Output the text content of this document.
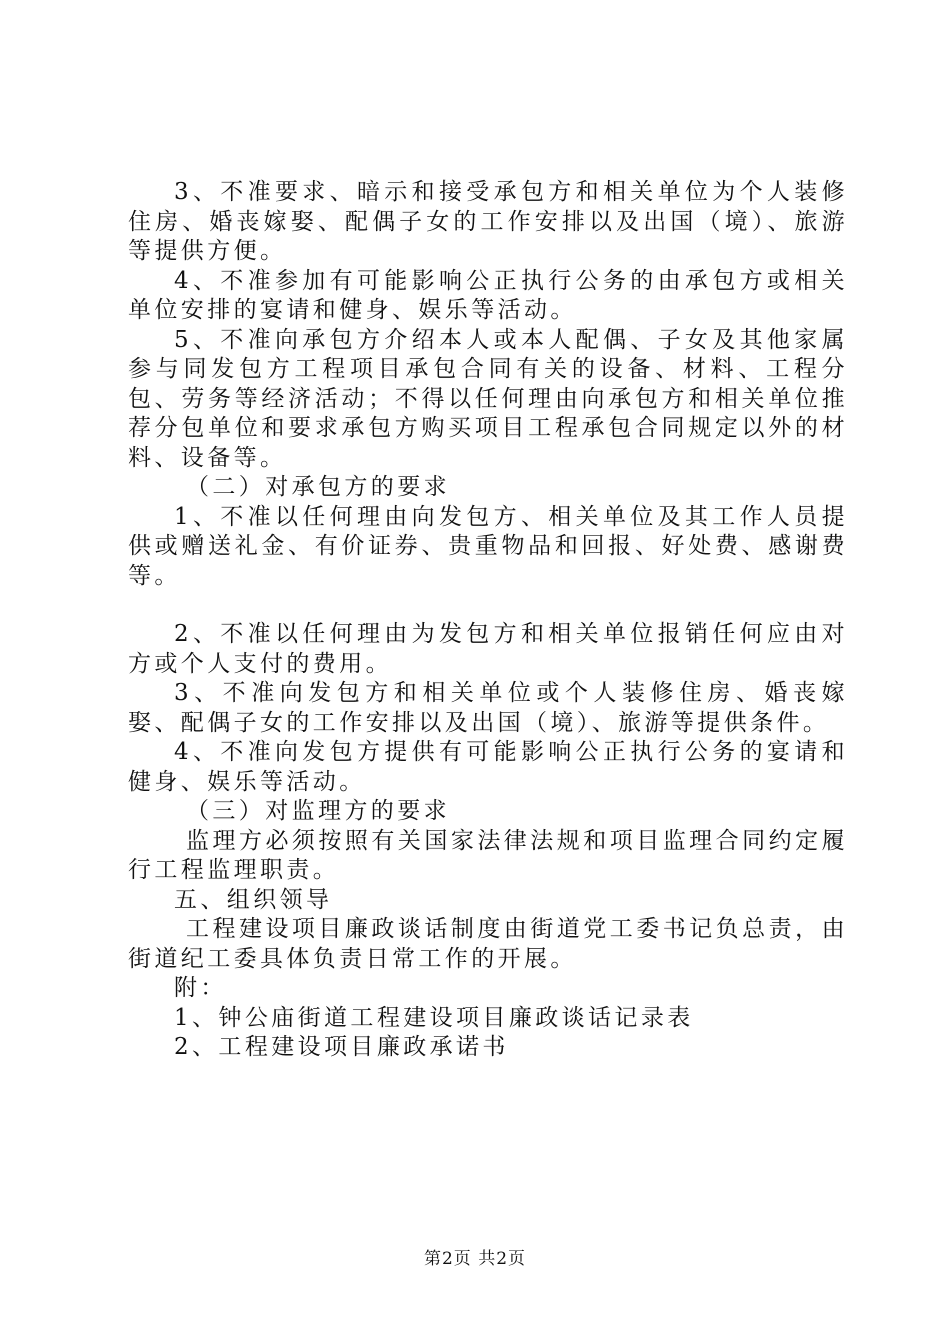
3、不准要求、暗示和接受承包方和相关单位为个人装修住房、婚丧嫁娶、配偶子女的工作安排以及出国（境）、旅游等提供方便。

4、不准参加有可能影响公正执行公务的由承包方或相关单位安排的宴请和健身、娱乐等活动。

5、不准向承包方介绍本人或本人配偶、子女及其他家属参与同发包方工程项目承包合同有关的设备、材料、工程分包、劳务等经济活动；不得以任何理由向承包方和相关单位推荐分包单位和要求承包方购买项目工程承包合同规定以外的材料、设备等。

（二）对承包方的要求

1、不准以任何理由向发包方、相关单位及其工作人员提供或赠送礼金、有价证券、贵重物品和回报、好处费、感谢费等。

2、不准以任何理由为发包方和相关单位报销任何应由对方或个人支付的费用。

3、不准向发包方和相关单位或个人装修住房、婚丧嫁娶、配偶子女的工作安排以及出国（境）、旅游等提供条件。

4、不准向发包方提供有可能影响公正执行公务的宴请和健身、娱乐等活动。

（三）对监理方的要求

监理方必须按照有关国家法律法规和项目监理合同约定履行工程监理职责。

五、组织领导

工程建设项目廉政谈话制度由街道党工委书记负总责，由街道纪工委具体负责日常工作的开展。

附：

1、钟公庙街道工程建设项目廉政谈话记录表

2、工程建设项目廉政承诺书

第2页 共2页
